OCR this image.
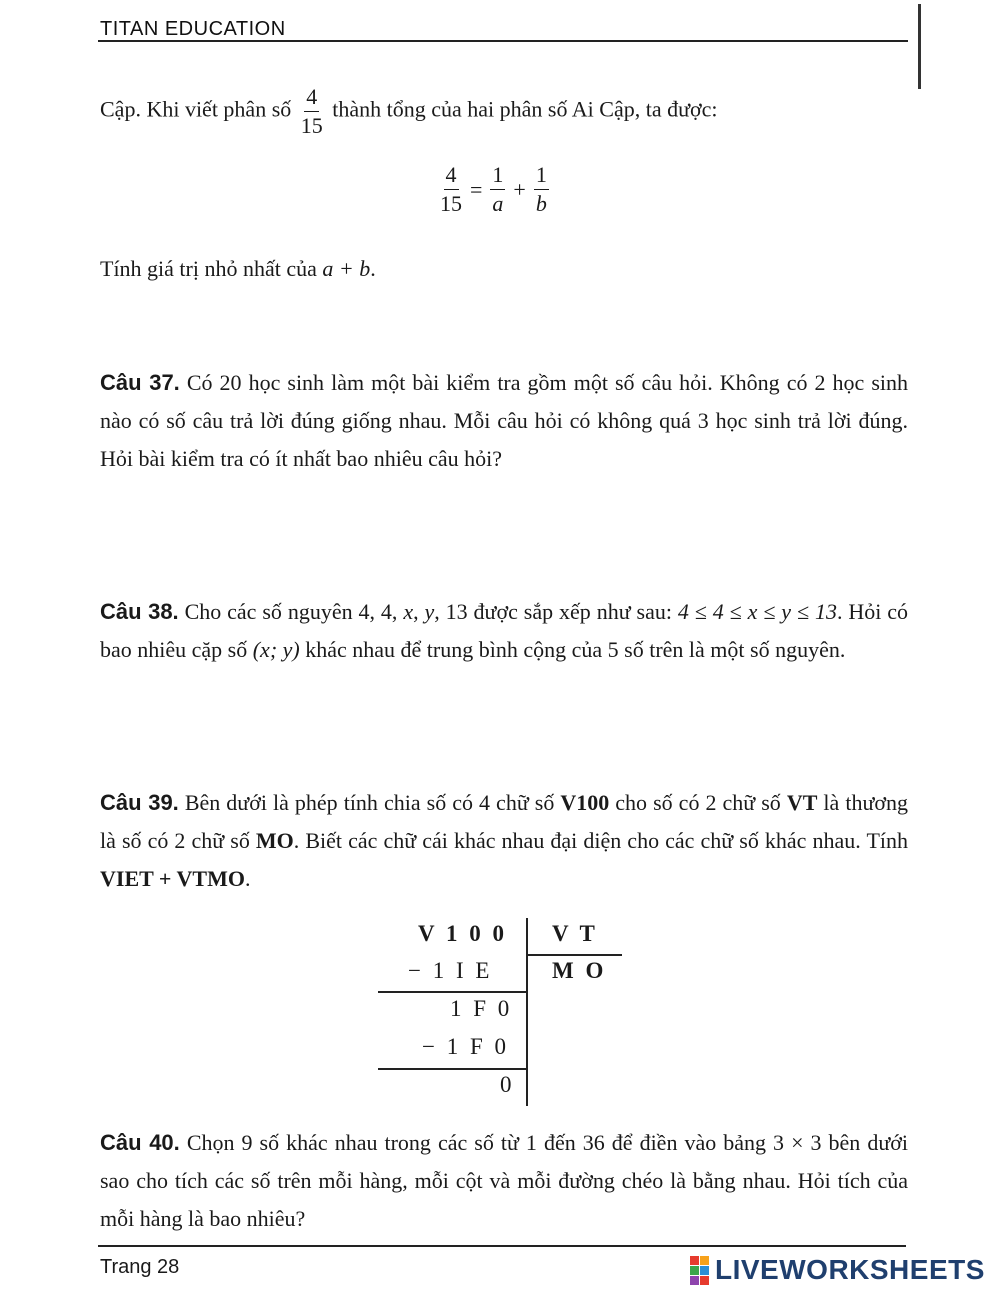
TITAN EDUCATION
Cập. Khi viết phân số $\frac{4}{15}$ thành tổng của hai phân số Ai Cập, ta được:
$\frac{4}{15} = \frac{1}{a} + \frac{1}{b}$
Tính giá trị nhỏ nhất của a + b.
Câu 37. Có 20 học sinh làm một bài kiểm tra gồm một số câu hỏi. Không có 2 học sinh nào có số câu trả lời đúng giống nhau. Mỗi câu hỏi có không quá 3 học sinh trả lời đúng. Hỏi bài kiểm tra có ít nhất bao nhiêu câu hỏi?
Câu 38. Cho các số nguyên 4, 4, x, y, 13 được sắp xếp như sau: 4 ≤ 4 ≤ x ≤ y ≤ 13. Hỏi có bao nhiêu cặp số (x; y) khác nhau để trung bình cộng của 5 số trên là một số nguyên.
Câu 39. Bên dưới là phép tính chia số có 4 chữ số V100 cho số có 2 chữ số VT là thương là số có 2 chữ số MO. Biết các chữ cái khác nhau đại diện cho các chữ số khác nhau. Tính VIET + VTMO.
V 1 0 0 V T
M O
− 1 I E
1 F 0
− 1 F 0
0
Câu 40. Chọn 9 số khác nhau trong các số từ 1 đến 36 để điền vào bảng 3 × 3 bên dưới sao cho tích các số trên mỗi hàng, mỗi cột và mỗi đường chéo là bằng nhau. Hỏi tích của mỗi hàng là bao nhiêu?
Trang 28	LIVEWORKSHEETS
